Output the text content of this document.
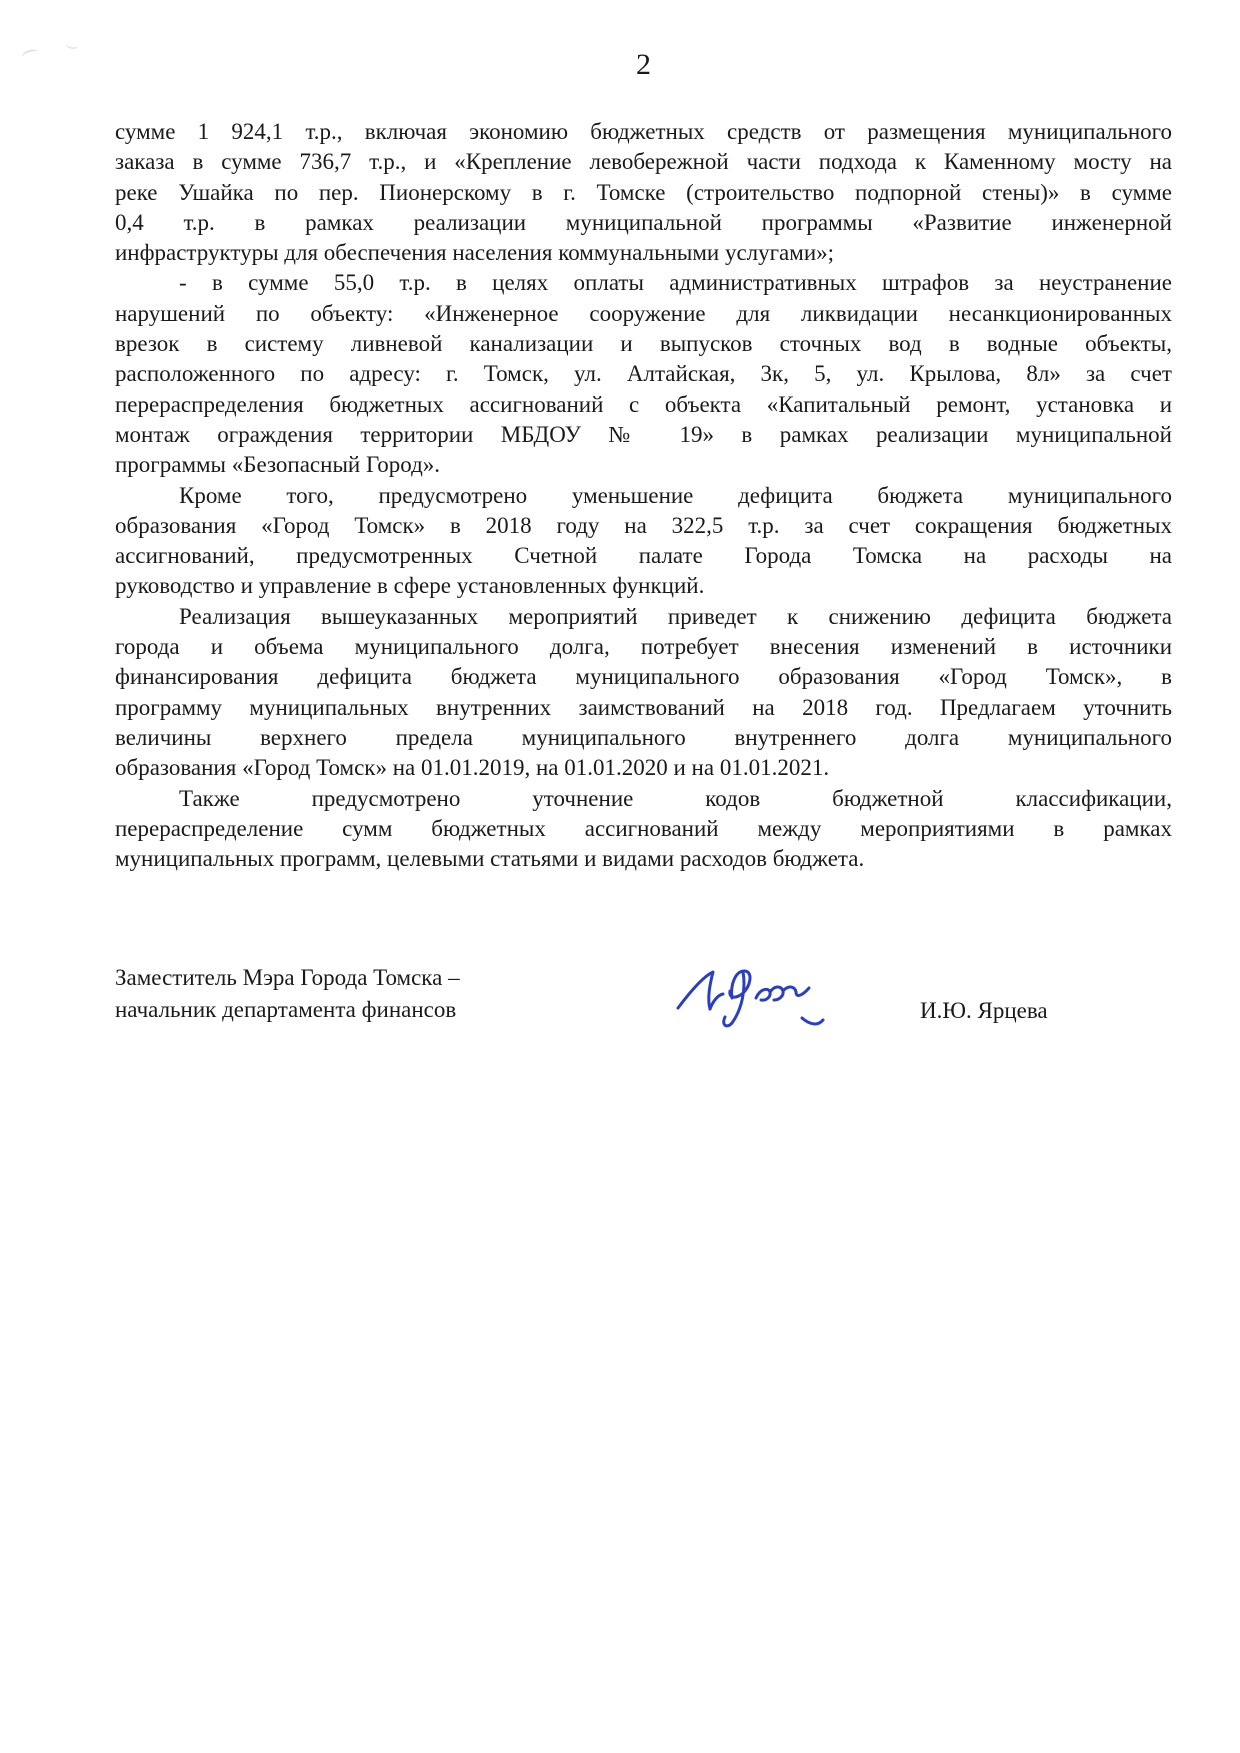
2

сумме 1 924,1 т.р., включая экономию бюджетных средств от размещения муниципального
заказа в сумме 736,7 т.р., и «Крепление левобережной части подхода к Каменному мосту на
реке Ушайка по пер. Пионерскому в г. Томске (строительство подпорной стены)» в сумме
0,4 т.р. в рамках реализации муниципальной программы «Развитие инженерной
инфраструктуры для обеспечения населения коммунальными услугами»;

- в сумме 55,0 т.р. в целях оплаты административных штрафов за неустранение
нарушений по объекту: «Инженерное сооружение для ликвидации несанкционированных
врезок в систему ливневой канализации и выпусков сточных вод в водные объекты,
расположенного по адресу: г. Томск, ул. Алтайская, 3к, 5, ул. Крылова, 8л» за счет
перераспределения бюджетных ассигнований с объекта «Капитальный ремонт, установка и
монтаж ограждения территории МБДОУ № 19» в рамках реализации муниципальной
программы «Безопасный Город».

Кроме того, предусмотрено уменьшение дефицита бюджета муниципального
образования «Город Томск» в 2018 году на 322,5 т.р. за счет сокращения бюджетных
ассигнований, предусмотренных Счетной палате Города Томска на расходы на
руководство и управление в сфере установленных функций.

Реализация вышеуказанных мероприятий приведет к снижению дефицита бюджета
города и объема муниципального долга, потребует внесения изменений в источники
финансирования дефицита бюджета муниципального образования «Город Томск», в
программу муниципальных внутренних заимствований на 2018 год. Предлагаем уточнить
величины верхнего предела муниципального внутреннего долга муниципального
образования «Город Томск» на 01.01.2019, на 01.01.2020 и на 01.01.2021.

Также предусмотрено уточнение кодов бюджетной классификации,
перераспределение сумм бюджетных ассигнований между мероприятиями в рамках
муниципальных программ, целевыми статьями и видами расходов бюджета.

Заместитель Мэра Города Томска –
начальник департамента финансов	И.Ю. Ярцева
